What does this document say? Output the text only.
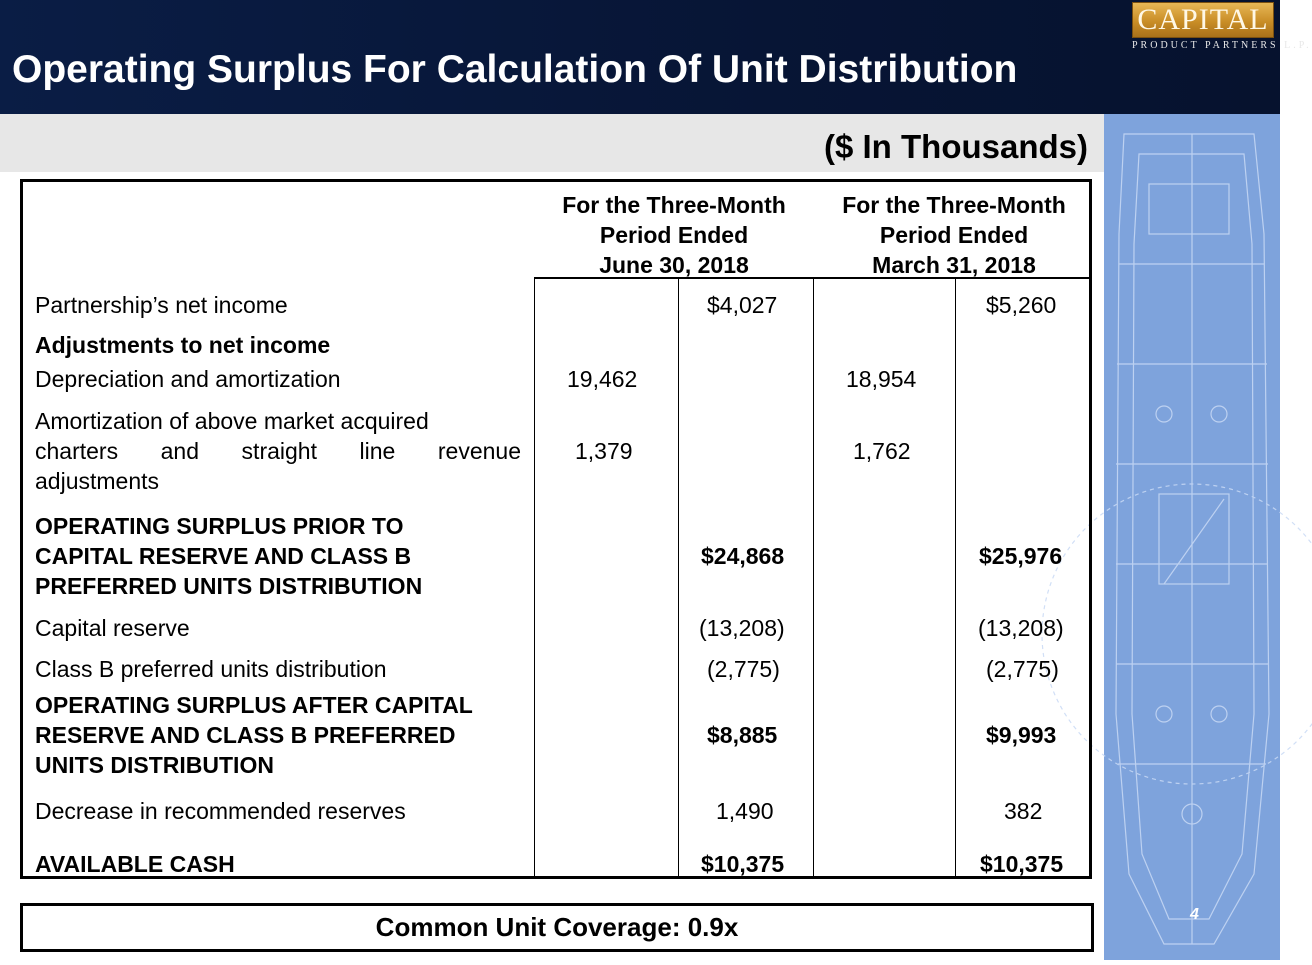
Operating Surplus For Calculation Of Unit Distribution
CAPITAL
PRODUCT PARTNERS L.P.
($ In Thousands)
4
For the Three-Month
Period Ended
June 30, 2018
For the Three-Month
Period Ended
March 31, 2018
Partnership’s net income	$4,027	$5,260
Adjustments to net income
Depreciation and amortization	19,462	18,954
Amortization of above market acquired
charters and straight line revenue
adjustments
1,379	1,762
OPERATING SURPLUS PRIOR TO
CAPITAL RESERVE AND CLASS B
PREFERRED UNITS DISTRIBUTION
$24,868	$25,976
Capital reserve	(13,208)	(13,208)
Class B preferred units distribution	(2,775)	(2,775)
OPERATING SURPLUS AFTER CAPITAL
RESERVE AND CLASS B PREFERRED
UNITS DISTRIBUTION
$8,885	$9,993
Decrease in recommended reserves	1,490	382
AVAILABLE CASH	$10,375	$10,375
Common Unit Coverage: 0.9x
